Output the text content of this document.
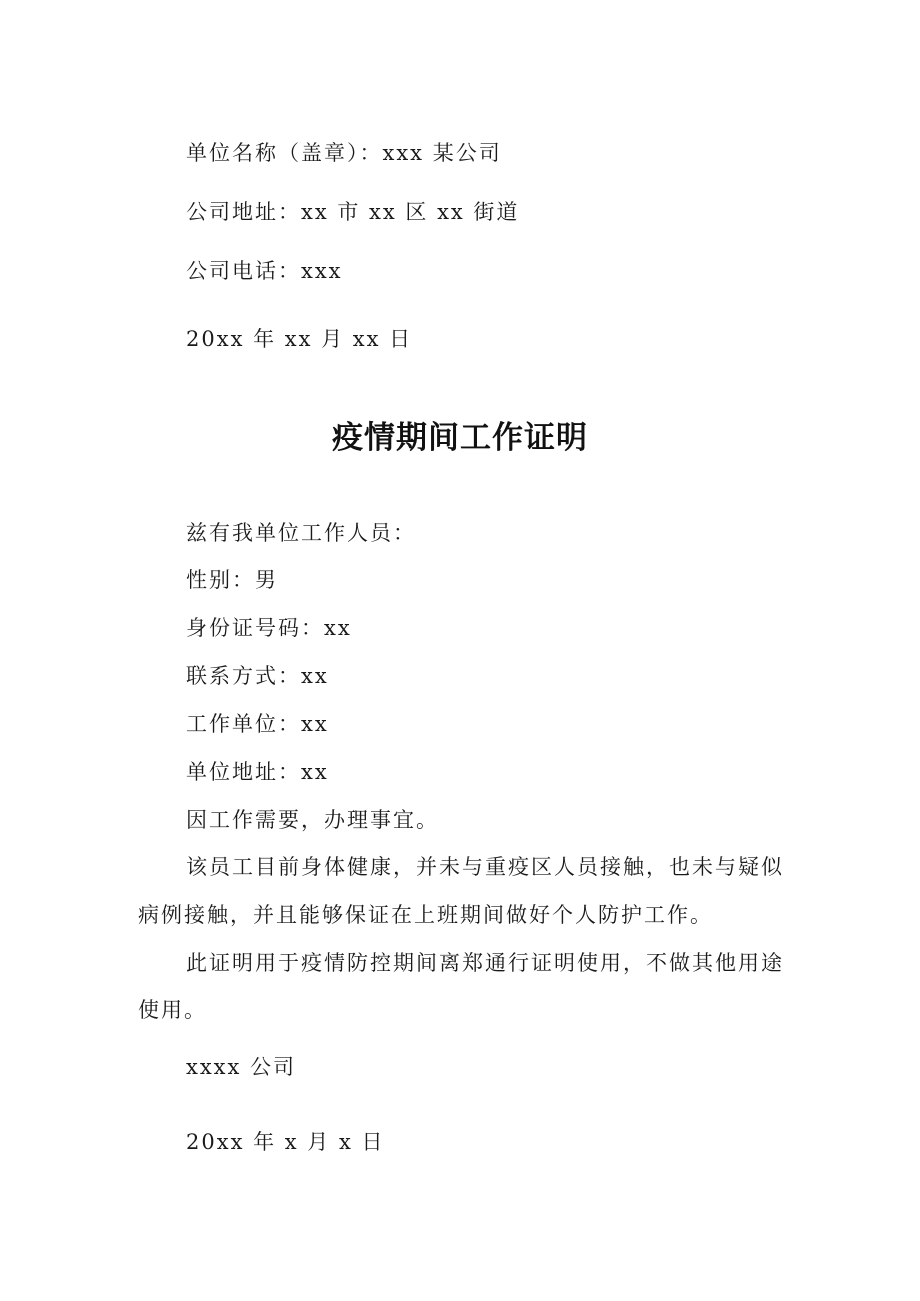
单位名称（盖章）：xxx 某公司
公司地址：xx 市 xx 区 xx 街道
公司电话：xxx
20xx 年 xx 月 xx 日
疫情期间工作证明
兹有我单位工作人员：
性别：男
身份证号码：xx
联系方式：xx
工作单位：xx
单位地址：xx
因工作需要，办理事宜。
该员工目前身体健康，并未与重疫区人员接触，也未与疑似
病例接触，并且能够保证在上班期间做好个人防护工作。
此证明用于疫情防控期间离郑通行证明使用，不做其他用途
使用。
xxxx 公司
20xx 年 x 月 x 日
